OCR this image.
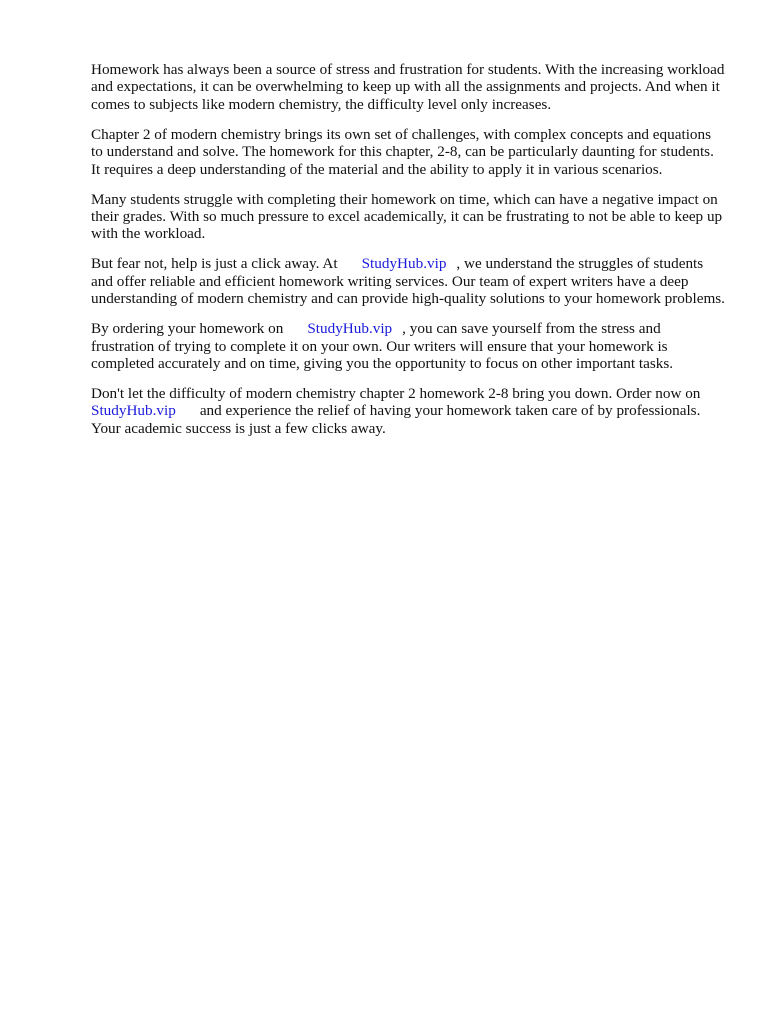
Homework has always been a source of stress and frustration for students. With the increasing workload and expectations, it can be overwhelming to keep up with all the assignments and projects. And when it comes to subjects like modern chemistry, the difficulty level only increases.

Chapter 2 of modern chemistry brings its own set of challenges, with complex concepts and equations to understand and solve. The homework for this chapter, 2-8, can be particularly daunting for students. It requires a deep understanding of the material and the ability to apply it in various scenarios.

Many students struggle with completing their homework on time, which can have a negative impact on their grades. With so much pressure to excel academically, it can be frustrating to not be able to keep up with the workload.

But fear not, help is just a click away. At StudyHub.vip , we understand the struggles of students and offer reliable and efficient homework writing services. Our team of expert writers have a deep understanding of modern chemistry and can provide high-quality solutions to your homework problems.

By ordering your homework on StudyHub.vip , you can save yourself from the stress and frustration of trying to complete it on your own. Our writers will ensure that your homework is completed accurately and on time, giving you the opportunity to focus on other important tasks.

Don't let the difficulty of modern chemistry chapter 2 homework 2-8 bring you down. Order now onStudyHub.vip and experience the relief of having your homework taken care of by professionals. Your academic success is just a few clicks away.
